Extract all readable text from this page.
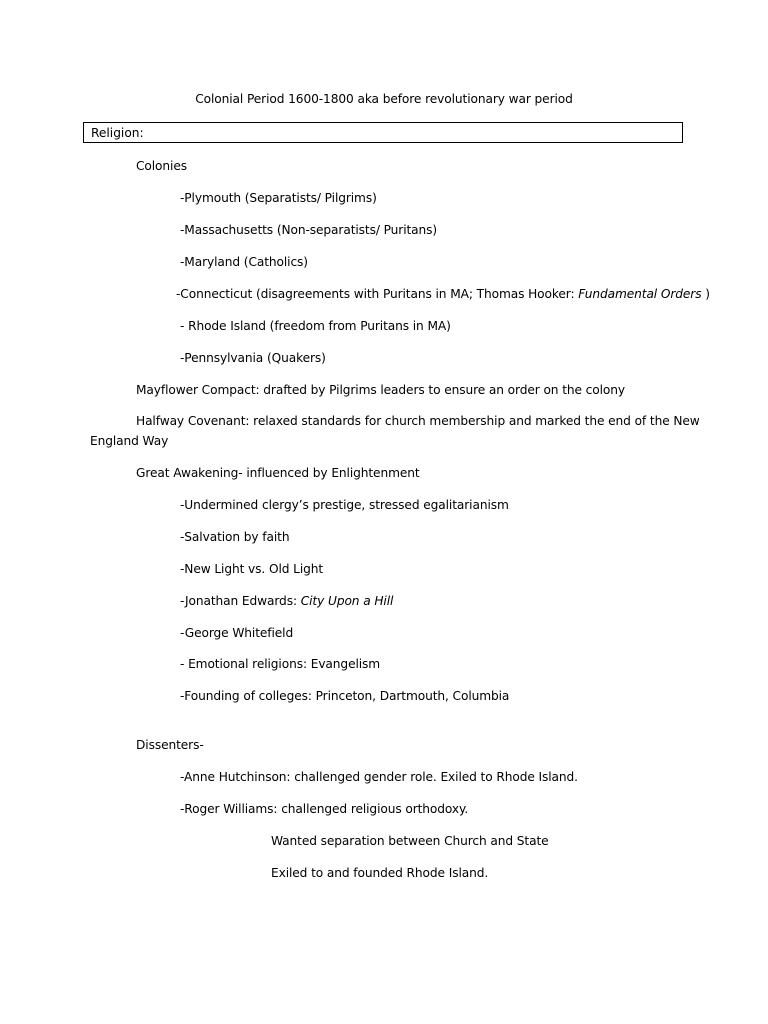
Colonial Period 1600-1800 aka before revolutionary war period
Religion:
Colonies
-Plymouth (Separatists/ Pilgrims)
-Massachusetts (Non-separatists/ Puritans)
-Maryland (Catholics)
-Connecticut (disagreements with Puritans in MA; Thomas Hooker: Fundamental Orders )
- Rhode Island (freedom from Puritans in MA)
-Pennsylvania (Quakers)
Mayflower Compact: drafted by Pilgrims leaders to ensure an order on the colony
Halfway Covenant: relaxed standards for church membership and marked the end of the New
England Way
Great Awakening- influenced by Enlightenment
-Undermined clergy’s prestige, stressed egalitarianism
-Salvation by faith
-New Light vs. Old Light
-Jonathan Edwards: City Upon a Hill
-George Whitefield
- Emotional religions: Evangelism
-Founding of colleges: Princeton, Dartmouth, Columbia
Dissenters-
-Anne Hutchinson: challenged gender role. Exiled to Rhode Island.
-Roger Williams: challenged religious orthodoxy.
Wanted separation between Church and State
Exiled to and founded Rhode Island.
